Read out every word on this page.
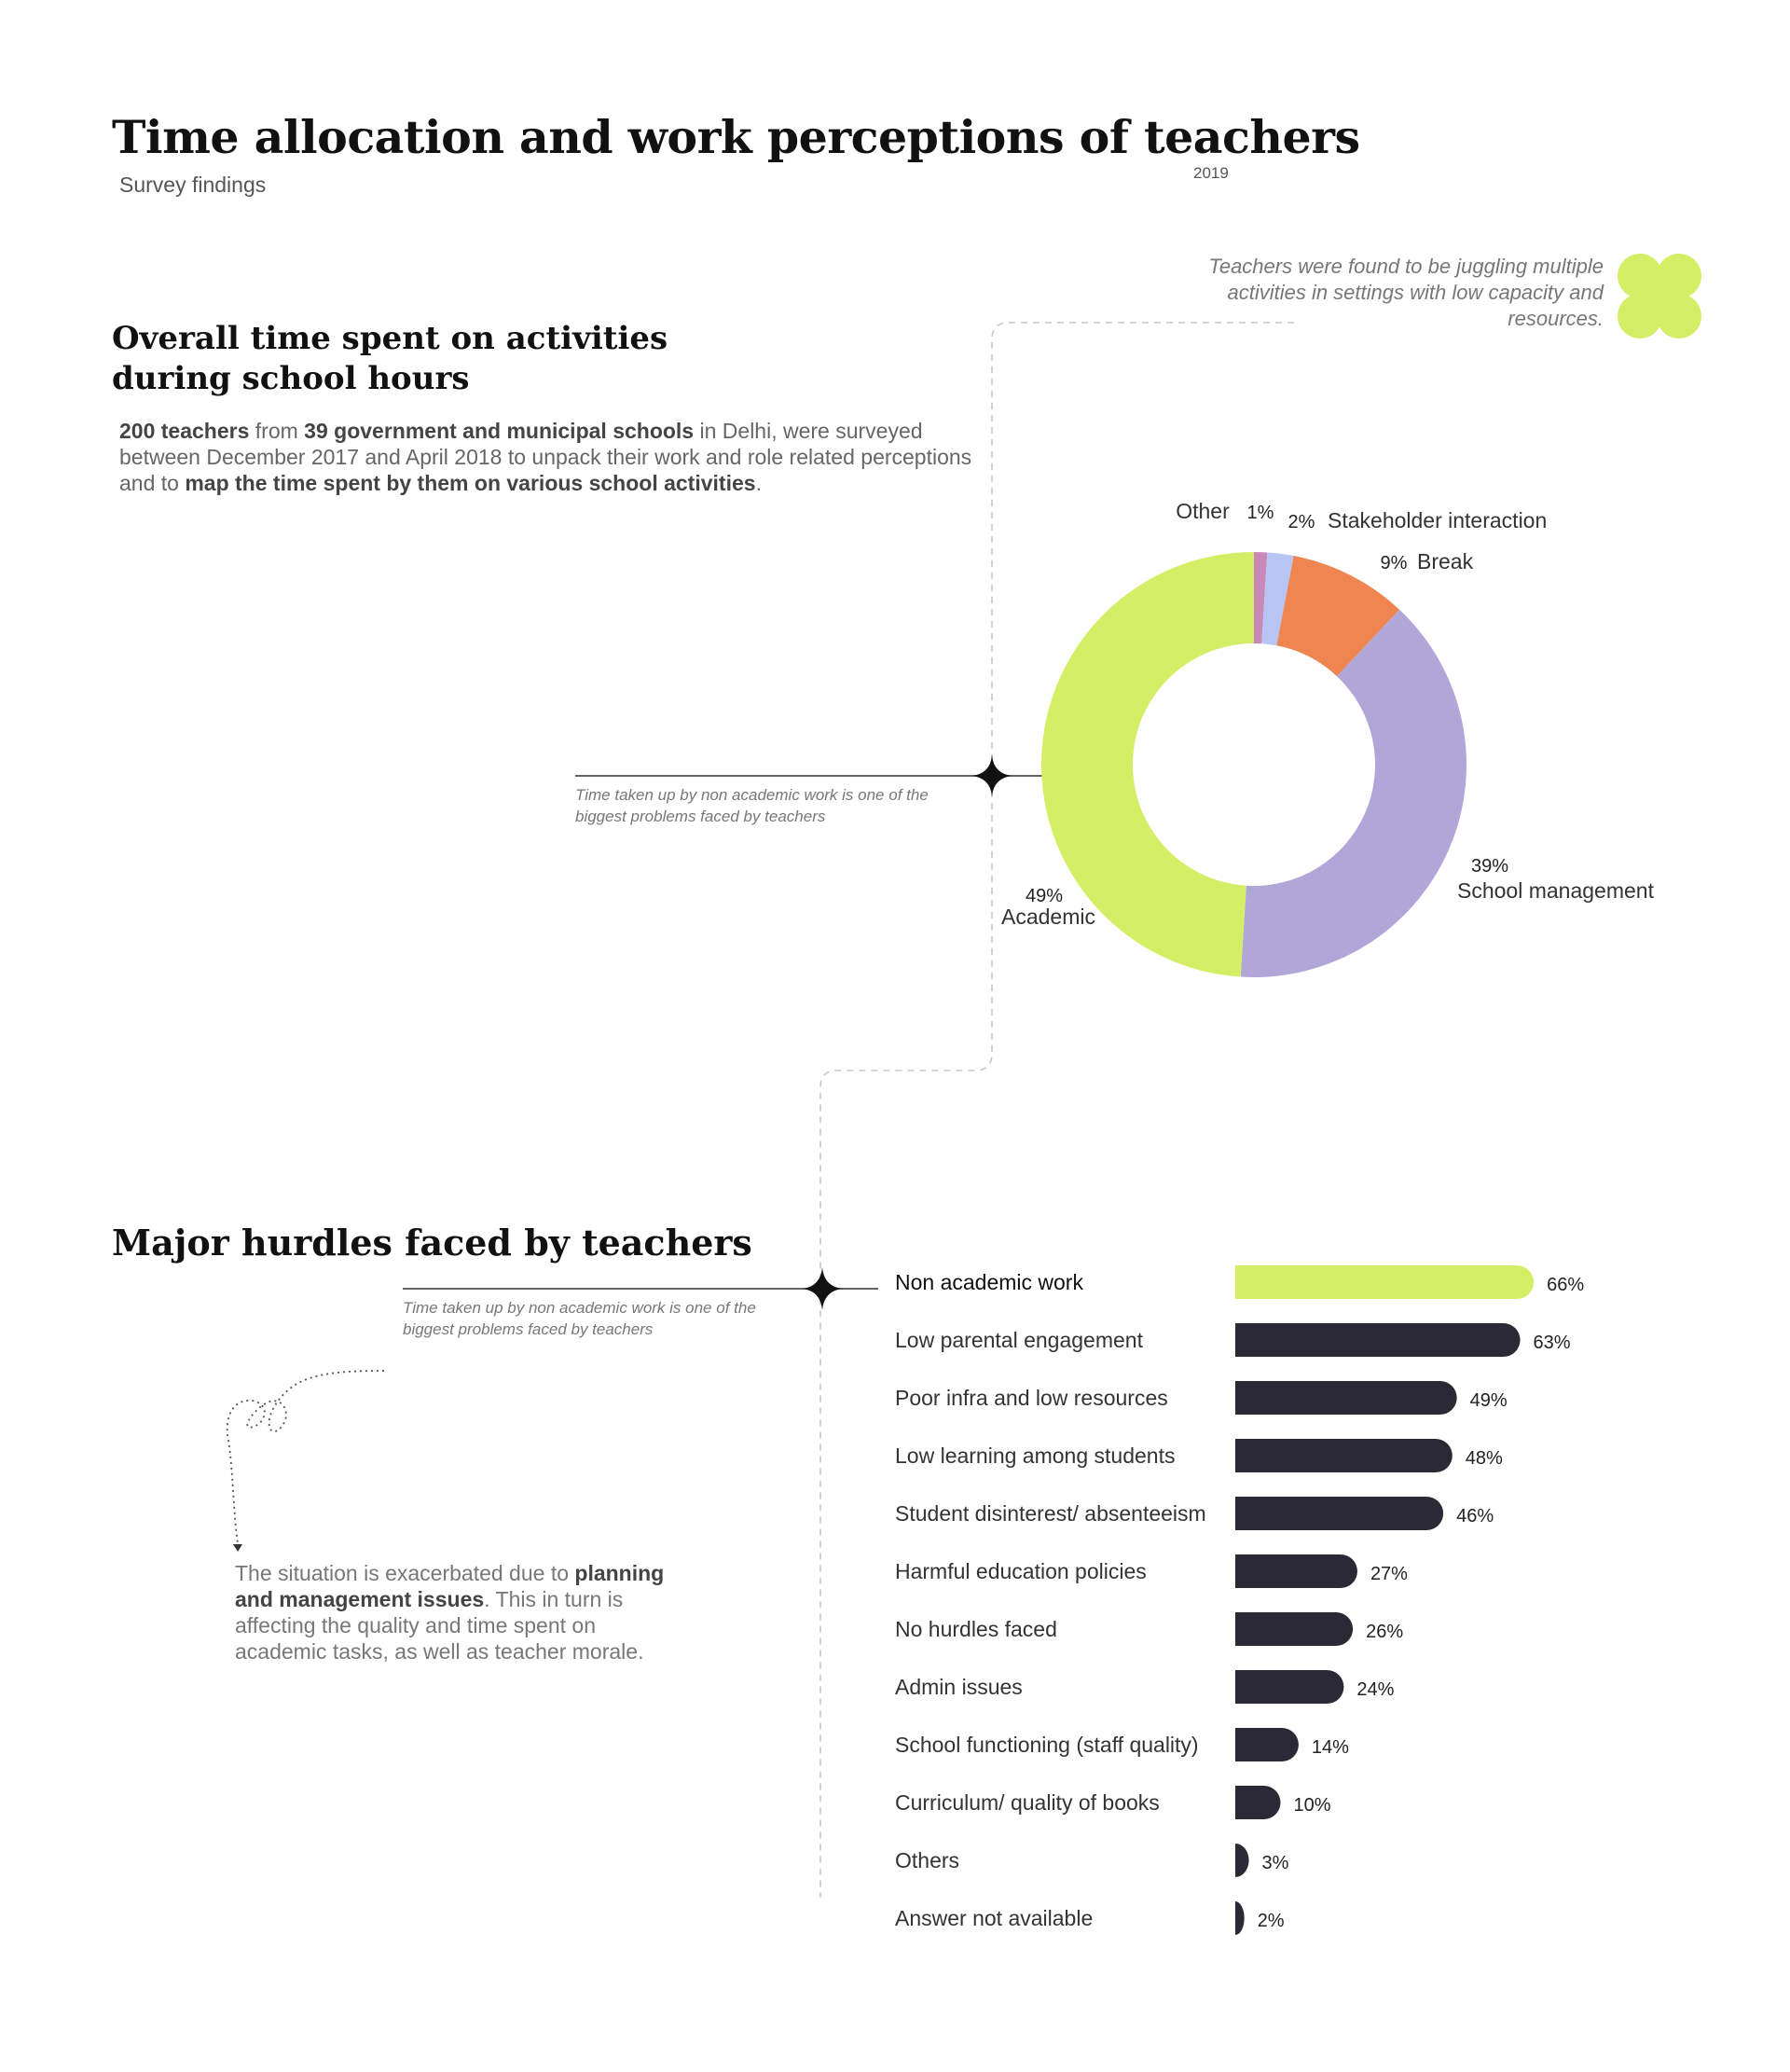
Time allocation and work perceptions of teachers
Survey findings	2019
Overall time spent on activities
during school hours
200 teachers from 39 government and municipal schools in Delhi, were surveyed between December 2017 and April 2018 to unpack their work and role related perceptions and to map the time spent by them on various school activities.
Teachers were found to be juggling multiple activities in settings with low capacity and resources.
Time taken up by non academic work is one of the biggest problems faced by teachers
Time taken up by non academic work is one of the biggest problems faced by teachers
Major hurdles faced by teachers
The situation is exacerbated due to planning and management issues. This in turn is affecting the quality and time spent on academic tasks, as well as teacher morale.
1%
Other	2% Stakeholder interaction
9% Break
39%
School management
49%
Academic
Non academic work	66%
Low parental engagement	63%
Poor infra and low resources	49%
Low learning among students	48%
Student disinterest/ absenteeism	46%
Harmful education policies	27%
No hurdles faced	26%
Admin issues	24%
School functioning (staff quality)	14%
Curriculum/ quality of books	10%
Others	3%
Answer not available	2%
